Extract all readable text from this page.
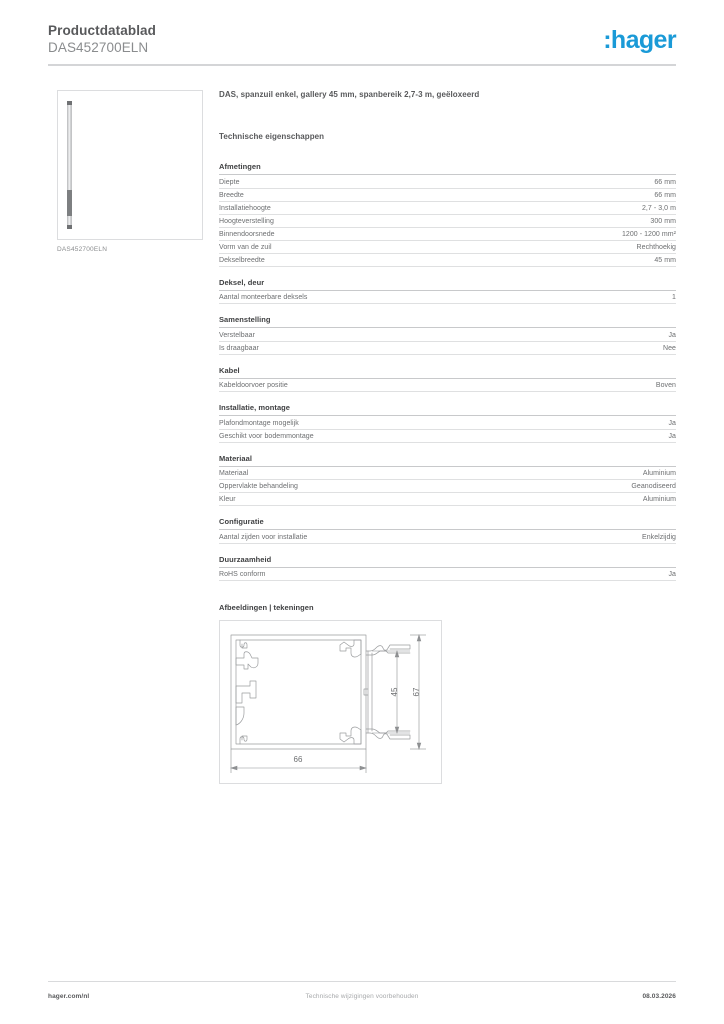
Productdatablad
DAS452700ELN	:hager
DAS452700ELN
DAS, spanzuil enkel, gallery 45 mm, spanbereik 2,7-3 m, geëloxeerd
Technische eigenschappen
Afmetingen
Diepte	66 mm
Breedte	66 mm
Installatiehoogte	2,7 - 3,0 m
Hoogteverstelling	300 mm
Binnendoorsnede	1200 - 1200 mm²
Vorm van de zuil	Rechthoekig
Dekselbreedte	45 mm
Deksel, deur
Aantal monteerbare deksels	1
Samenstelling
Verstelbaar	Ja
Is draagbaar	Nee
Kabel
Kabeldoorvoer positie	Boven
Installatie, montage
Plafondmontage mogelijk	Ja
Geschikt voor bodemmontage	Ja
Materiaal
Materiaal	Aluminium
Oppervlakte behandeling	Geanodiseerd
Kleur	Aluminium
Configuratie
Aantal zijden voor installatie	Enkelzijdig
Duurzaamheid
RoHS conform	Ja
Afbeeldingen | tekeningen
66
45 67
hager.com/nl	Technische wijzigingen voorbehouden	08.03.2026
